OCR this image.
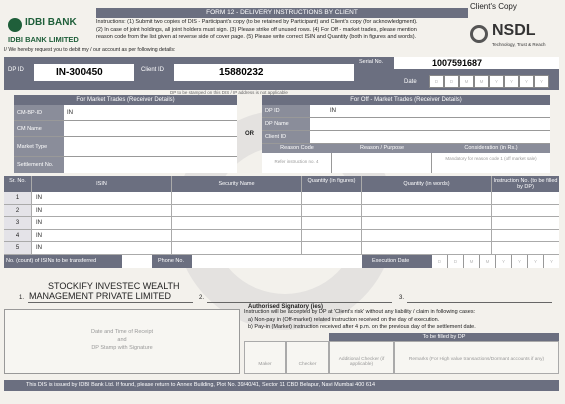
Client's Copy
IDBI BANK
IDBI BANK LIMITED
FORM 12 - DELIVERY INSTRUCTIONS BY CLIENT
Instructions: (1) Submit two copies of DIS - Participant's copy (to be retained by Participant) and Client's copy (for acknowledgment).
(2) In case of joint holdings, all joint holders must sign. (3) Please strike off unused rows. (4) For Off - market trades, please mention
reason code from the list given at reverse side of cover page. (5) Please write correct ISIN and Quantity (both in figures and words).	NSDL
Technology, Trust & Reach
I/ We hereby request you to debit my / our account as per following details:
DP ID	IN-300450	Client ID	15880232
Serial No.	1007591687
Date	D	D	M	M	Y	Y	Y	Y
DP to be stamped on this DIS / IP address is not applicable
For Market Trades (Receiver Details)
CM-BP-ID	IN
CM Name
Market Type
Settlement No.
OR
For Off - Market Trades (Receiver Details)
DP ID	IN
DP Name
Client ID
Reason Code	Reason / Purpose	Consideration (in Rs.)
Refer instruction no. 4
Mandatory for reason code 1 (off market sale)
Sr. No.	ISIN	Security Name	Quantity (in figures)	Quantity (in words)	Instruction No. (to be filled by DP)
1	IN
2	IN
3	IN
4	IN
5	IN
No. (count) of ISINs to be transferred	Phone No.	Execution Date	D	D	M	M	Y	Y	Y	Y
STOCKIFY INVESTEC WEALTH
MANAGEMENT PRIVATE LIMITED
1.	2.	3.
Authorised Signatory (ies)
Date and Time of Receipt
and
DP Stamp with Signature
Instruction will be accepted by DP at 'Client's risk' without any liability / claim in following cases:
a) Non-pay in (Off-market) related instruction received on the day of execution.
b) Pay-in (Market) instruction received after 4 p.m. on the previous day of the settlement date.
To be filled by DP
Maker	Checker
Additional Checker (if applicable)
Remarks (For High value transactions/Dormant accounts if any)
This DIS is issued by IDBI Bank Ltd. If found, please return to Annex Building, Plot No. 39/40/41, Sector 11 CBD Belapur, Navi Mumbai 400 614
